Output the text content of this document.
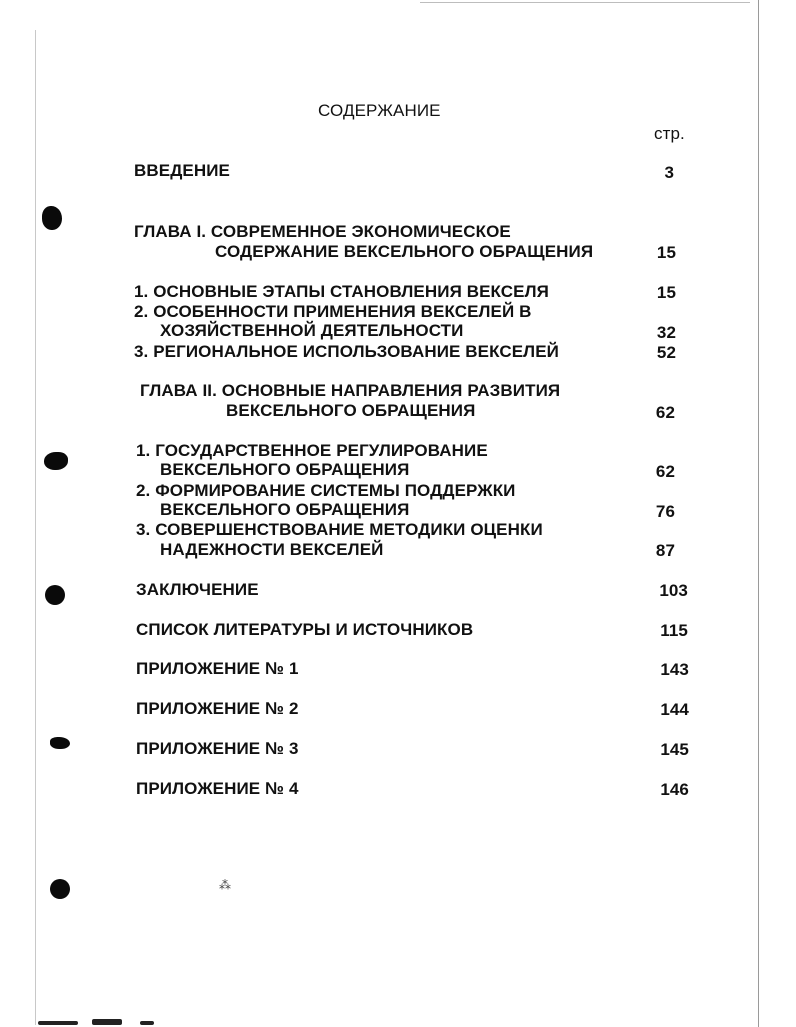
⁂
СОДЕРЖАНИЕ
стр.
ВВЕДЕНИЕ	3
ГЛАВА I. СОВРЕМЕННОЕ ЭКОНОМИЧЕСКОЕ
СОДЕРЖАНИЕ ВЕКСЕЛЬНОГО ОБРАЩЕНИЯ	15
1. ОСНОВНЫЕ ЭТАПЫ СТАНОВЛЕНИЯ ВЕКСЕЛЯ	15
2. ОСОБЕННОСТИ ПРИМЕНЕНИЯ ВЕКСЕЛЕЙ В
ХОЗЯЙСТВЕННОЙ ДЕЯТЕЛЬНОСТИ	32
3. РЕГИОНАЛЬНОЕ ИСПОЛЬЗОВАНИЕ ВЕКСЕЛЕЙ	52
ГЛАВА II. ОСНОВНЫЕ НАПРАВЛЕНИЯ РАЗВИТИЯ
ВЕКСЕЛЬНОГО ОБРАЩЕНИЯ	62
1. ГОСУДАРСТВЕННОЕ РЕГУЛИРОВАНИЕ
ВЕКСЕЛЬНОГО ОБРАЩЕНИЯ	62
2. ФОРМИРОВАНИЕ СИСТЕМЫ ПОДДЕРЖКИ
ВЕКСЕЛЬНОГО ОБРАЩЕНИЯ	76
3. СОВЕРШЕНСТВОВАНИЕ МЕТОДИКИ ОЦЕНКИ
НАДЕЖНОСТИ ВЕКСЕЛЕЙ	87
ЗАКЛЮЧЕНИЕ	103
СПИСОК ЛИТЕРАТУРЫ И ИСТОЧНИКОВ	115
ПРИЛОЖЕНИЕ № 1	143
ПРИЛОЖЕНИЕ № 2	144
ПРИЛОЖЕНИЕ № 3	145
ПРИЛОЖЕНИЕ № 4	146
